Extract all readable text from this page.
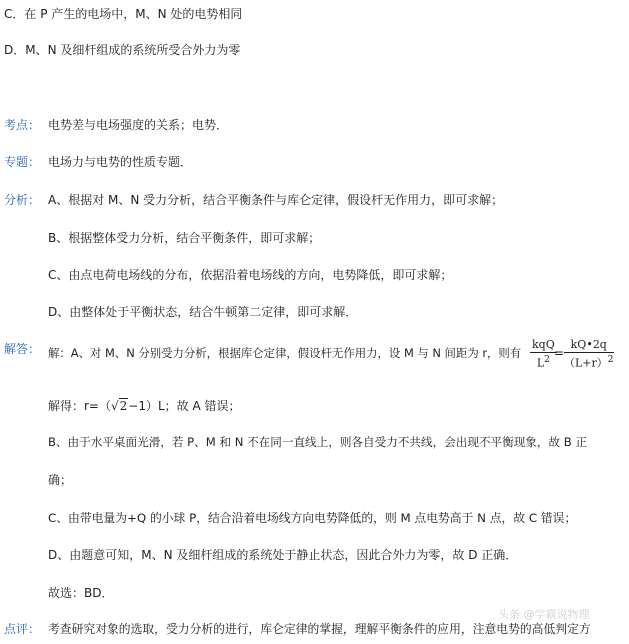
C．在 P 产生的电场中，M、N 处的电势相同
D．M、N 及细杆组成的系统所受合外力为零
考点： 电势差与电场强度的关系；电势．
专题： 电场力与电势的性质专题．
分析： A、根据对 M、N 受力分析，结合平衡条件与库仑定律，假设杆无作用力，即可求解；
B、根据整体受力分析，结合平衡条件，即可求解；
C、由点电荷电场线的分布，依据沿着电场线的方向，电势降低，即可求解；
D、由整体处于平衡状态，结合牛顿第二定律，即可求解．
解答： 解：A、对 M、N 分别受力分析，根据库仑定律，假设杆无作用力，设 M 与 N 间距为 r，则有
kqQ
$L^2 = \frac{kQ•2q}{(L+r)^2}$
解得：r=（√2−1）L；故 A 错误；
B、由于水平桌面光滑，若 P、M 和 N 不在同一直线上，则各自受力不共线，会出现不平衡现象，故 B 正
确；
C、由带电量为+Q 的小球 P，结合沿着电场线方向电势降低的，则 M 点电势高于 N 点，故 C 错误；
D、由题意可知，M、N 及细杆组成的系统处于静止状态，因此合外力为零，故 D 正确．
故选：BD．
头条 @学霸说物理
点评： 考查研究对象的选取，受力分析的进行，库仑定律的掌握，理解平衡条件的应用，注意电势的高低判定方
